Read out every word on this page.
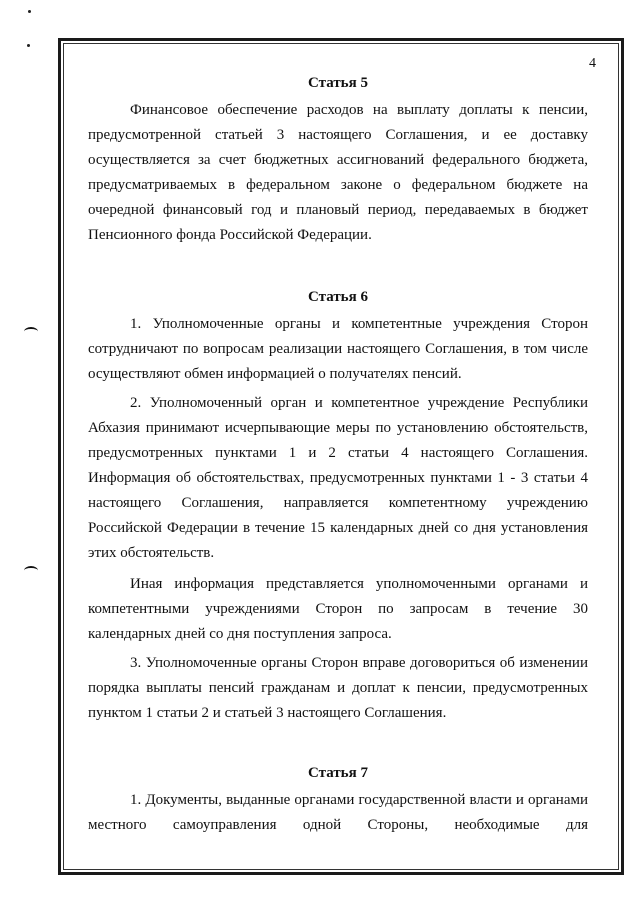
4
Статья 5
Финансовое обеспечение расходов на выплату доплаты к пенсии, предусмотренной статьей 3 настоящего Соглашения, и ее доставку осуществляется за счет бюджетных ассигнований федерального бюджета, предусматриваемых в федеральном законе о федеральном бюджете на очередной финансовый год и плановый период, передаваемых в бюджет Пенсионного фонда Российской Федерации.
Статья 6
1. Уполномоченные органы и компетентные учреждения Сторон сотрудничают по вопросам реализации настоящего Соглашения, в том числе осуществляют обмен информацией о получателях пенсий.
2. Уполномоченный орган и компетентное учреждение Республики Абхазия принимают исчерпывающие меры по установлению обстоятельств, предусмотренных пунктами 1 и 2 статьи 4 настоящего Соглашения. Информация об обстоятельствах, предусмотренных пунктами 1 - 3 статьи 4 настоящего Соглашения, направляется компетентному учреждению Российской Федерации в течение 15 календарных дней со дня установления этих обстоятельств.
Иная информация представляется уполномоченными органами и компетентными учреждениями Сторон по запросам в течение 30 календарных дней со дня поступления запроса.
3. Уполномоченные органы Сторон вправе договориться об изменении порядка выплаты пенсий гражданам и доплат к пенсии, предусмотренных пунктом 1 статьи 2 и статьей 3 настоящего Соглашения.
Статья 7
1. Документы, выданные органами государственной власти и органами местного самоуправления одной Стороны, необходимые для
